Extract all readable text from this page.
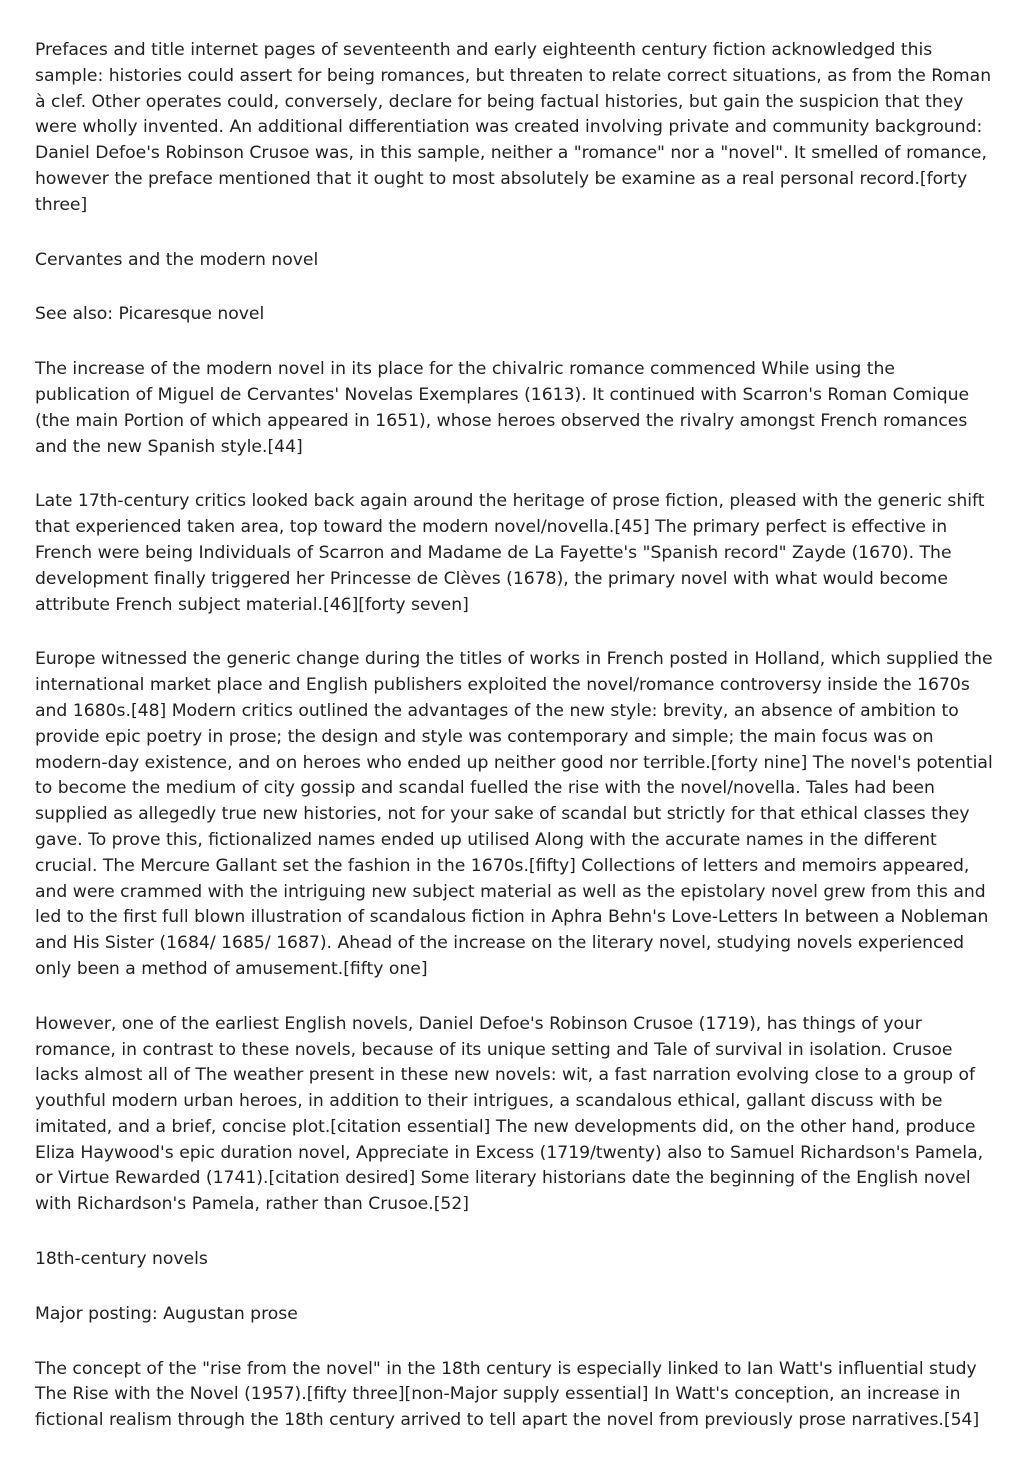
Prefaces and title internet pages of seventeenth and early eighteenth century fiction acknowledged this sample: histories could assert for being romances, but threaten to relate correct situations, as from the Roman à clef. Other operates could, conversely, declare for being factual histories, but gain the suspicion that they were wholly invented. An additional differentiation was created involving private and community background: Daniel Defoe's Robinson Crusoe was, in this sample, neither a "romance" nor a "novel". It smelled of romance, however the preface mentioned that it ought to most absolutely be examine as a real personal record.[forty three]

Cervantes and the modern novel

See also: Picaresque novel

The increase of the modern novel in its place for the chivalric romance commenced While using the publication of Miguel de Cervantes' Novelas Exemplares (1613). It continued with Scarron's Roman Comique (the main Portion of which appeared in 1651), whose heroes observed the rivalry amongst French romances and the new Spanish style.[44]

Late 17th-century critics looked back again around the heritage of prose fiction, pleased with the generic shift that experienced taken area, top toward the modern novel/novella.[45] The primary perfect is effective in French were being Individuals of Scarron and Madame de La Fayette's "Spanish record" Zayde (1670). The development finally triggered her Princesse de Clèves (1678), the primary novel with what would become attribute French subject material.[46][forty seven]

Europe witnessed the generic change during the titles of works in French posted in Holland, which supplied the international market place and English publishers exploited the novel/romance controversy inside the 1670s and 1680s.[48] Modern critics outlined the advantages of the new style: brevity, an absence of ambition to provide epic poetry in prose; the design and style was contemporary and simple; the main focus was on modern-day existence, and on heroes who ended up neither good nor terrible.[forty nine] The novel's potential to become the medium of city gossip and scandal fuelled the rise with the novel/novella. Tales had been supplied as allegedly true new histories, not for your sake of scandal but strictly for that ethical classes they gave. To prove this, fictionalized names ended up utilised Along with the accurate names in the different crucial. The Mercure Gallant set the fashion in the 1670s.[fifty] Collections of letters and memoirs appeared, and were crammed with the intriguing new subject material as well as the epistolary novel grew from this and led to the first full blown illustration of scandalous fiction in Aphra Behn's Love-Letters In between a Nobleman and His Sister (1684/ 1685/ 1687). Ahead of the increase on the literary novel, studying novels experienced only been a method of amusement.[fifty one]

However, one of the earliest English novels, Daniel Defoe's Robinson Crusoe (1719), has things of your romance, in contrast to these novels, because of its unique setting and Tale of survival in isolation. Crusoe lacks almost all of The weather present in these new novels: wit, a fast narration evolving close to a group of youthful modern urban heroes, in addition to their intrigues, a scandalous ethical, gallant discuss with be imitated, and a brief, concise plot.[citation essential] The new developments did, on the other hand, produce Eliza Haywood's epic duration novel, Appreciate in Excess (1719/twenty) also to Samuel Richardson's Pamela, or Virtue Rewarded (1741).[citation desired] Some literary historians date the beginning of the English novel with Richardson's Pamela, rather than Crusoe.[52]

18th-century novels

Major posting: Augustan prose

The concept of the "rise from the novel" in the 18th century is especially linked to Ian Watt's influential study The Rise with the Novel (1957).[fifty three][non-Major supply essential] In Watt's conception, an increase in fictional realism through the 18th century arrived to tell apart the novel from previously prose narratives.[54]
